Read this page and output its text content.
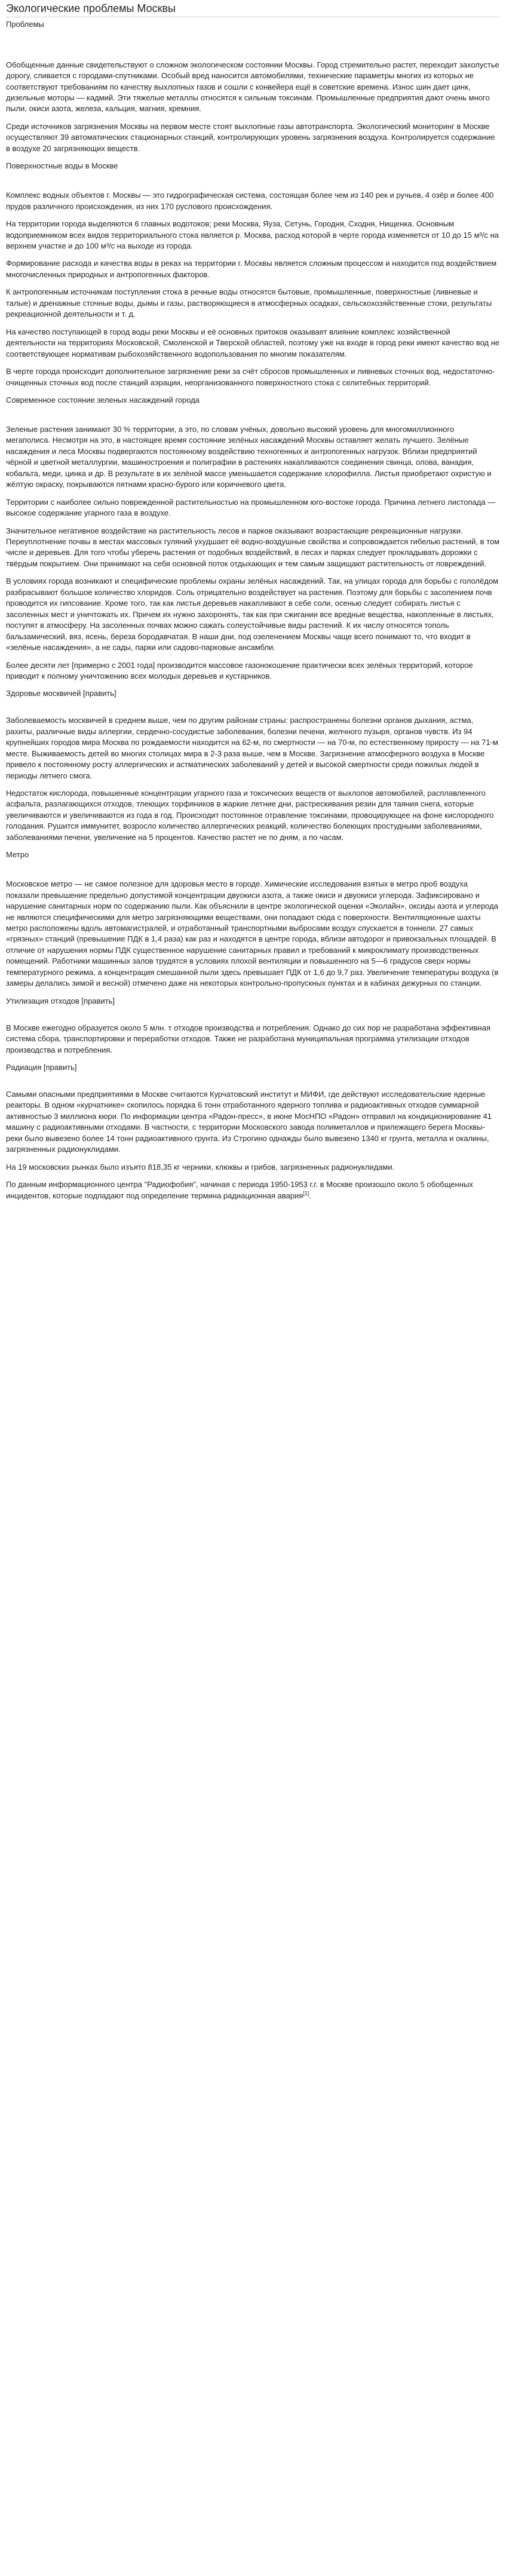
Экологические проблемы Москвы
Проблемы

Обобщенные данные свидетельствуют о сложном экологическом состоянии Москвы. Город стремительно растет, переходит захолустье дорогу, сливается с городами-спутниками. Особый вред наносится автомобилями, технические параметры многих из которых не соответствуют требованиям по качеству выхлопных газов и сошли с конвейера ещё в советские времена. Износ шин дает цинк, дизельные моторы — кадмий. Эти тяжелые металлы относятся к сильным токсинам. Промышленные предприятия дают очень много пыли, окиси азота, железа, кальция, магния, кремния.
Среди источников загрязнения Москвы на первом месте стоят выхлопные газы автотранспорта. Экологический мониторинг в Москве осуществляют 39 автоматических стационарных станций, контролирующих уровень загрязнения воздуха. Контролируется содержание в воздухе 20 загрязняющих веществ.
Поверхностные воды в Москве

Комплекс водных объектов г. Москвы — это гидрографическая система, состоящая более чем из 140 рек и ручьев, 4 озёр и более 400 прудов различного происхождения, из них 170 руслового происхождения.
На территории города выделяются 6 главных водотоков; реки Москва, Яуза, Сетунь, Городня, Сходня, Нищенка. Основным водоприемником всех видов территориального стока является р. Москва, расход которой в черте города изменяется от 10 до 15 м³/с на верхнем участке и до 100 м³/с на выходе из города.
Формирование расхода и качества воды в реках на территории г. Москвы является сложным процессом и находится под воздействием многочисленных природных и антропогенных факторов.
К антропогенным источникам поступления стока в речные воды относятся бытовые, промышленные, поверхностные (ливневые и талые) и дренажные сточные воды, дымы и газы, растворяющиеся в атмосферных осадках, сельскохозяйственные стоки, результаты рекреационной деятельности и т. д.
На качество поступающей в город воды реки Москвы и её основных притоков оказывает влияние комплекс хозяйственной деятельности на территориях Московской, Смоленской и Тверской областей, поэтому уже на входе в город реки имеют качество вод не соответствующее нормативам рыбохозяйственного водопользования по многим показателям.
В черте города происходит дополнительное загрязнение реки за счёт сбросов промышленных и ливневых сточных вод, недостаточно-очищенных сточных вод после станций аэрации, неорганизованного поверхностного стока с селитебных территорий.
Современное состояние зеленых насаждений города

Зеленые растения занимают 30 % территории, а это, по словам учёных, довольно высокий уровень для многомиллионного мегаполиса. Несмотря на это, в настоящее время состояние зелёных насаждений Москвы оставляет желать лучшего. Зелёные насаждения и леса Москвы подвергаются постоянному воздействию техногенных и антропогенных нагрузок. Вблизи предприятий чёрной и цветной металлургии, машиностроения и полиграфии в растениях накапливаются соединения свинца, олова, ванадия, кобальта, меди, цинка и др. В результате в их зелёной массе уменьшается содержание хлорофилла. Листья приобретают охристую и жёлтую окраску, покрываются пятнами красно-бурого или коричневого цвета.
Территории с наиболее сильно поврежденной растительностью на промышленном юго-востоке города. Причина летнего листопада — высокое содержание угарного газа в воздухе.
Значительное негативное воздействие на растительность лесов и парков оказывают возрастающие рекреационные нагрузки. Переуплотнение почвы в местах массовых гуляний ухудшает её водно-воздушные свойства и сопровождается гибелью растений, в том числе и деревьев. Для того чтобы уберечь растения от подобных воздействий, в лесах и парках следует прокладывать дорожки с твёрдым покрытием. Они принимают на себя основной поток отдыхающих и тем самым защищают растительность от повреждений.
В условиях города возникают и специфические проблемы охраны зелёных насаждений. Так, на улицах города для борьбы с гололёдом разбрасывают большое количество хлоридов. Соль отрицательно воздействует на растения. Поэтому для борьбы с засолением почв проводится их гипсование. Кроме того, так как листья деревьев накапливают в себе соли, осенью следует собирать листья с засоленных мест и уничтожать их. Причем их нужно захоронять, так как при сжигании все вредные вещества, накопленные в листьях, поступят в атмосферу. На засоленных почвах можно сажать солеустойчивые виды растений. К их числу относятся тополь бальзамический, вяз, ясень, береза бородавчатая. В наши дни, под озеленением Москвы чаще всего понимают то, что входит в «зелёные насаждения», а не сады, парки или садово-парковые ансамбли.
Более десяти лет [примерно с 2001 года] производится массовое газонокошение практически всех зелёных территорий, которое приводит к полному уничтожению всех молодых деревьев и кустарников.
Здоровье москвичей [править]

Заболеваемость москвичей в среднем выше, чем по другим районам страны: распространены болезни органов дыхания, астма, рахиты, различные виды аллергии, сердечно-сосудистые заболевания, болезни печени, желчного пузыря, органов чувств. Из 94 крупнейших городов мира Москва по рождаемости находится на 62-м, по смертности — на 70-м, по естественному приросту — на 71-м месте. Выживаемость детей во многих столицах мира в 2-3 раза выше, чем в Москве. Загрязнение атмосферного воздуха в Москве привело к постоянному росту аллергических и астматических заболеваний у детей и высокой смертности среди пожилых людей в периоды летнего смога.
Недостаток кислорода, повышенные концентрации угарного газа и токсических веществ от выхлопов автомобилей, расплавленного асфальта, разлагающихся отходов, тлеющих торфяников в жаркие летние дни, растрескивания резин для таяния снега, которые увеличиваются и увеличиваются из года в год. Происходит постоянное отравление токсинами, провоцирующее на фоне кислородного голодания. Рушится иммунитет, возросло количество аллергических реакций, количество болеющих простудными заболеваниями, заболеваниями печени, увеличение на 5 процентов. Качество растет не по дням, а по часам.
Метро

Московское метро — не самое полезное для здоровья место в городе. Химические исследования взятых в метро проб воздуха показали превышение предельно допустимой концентрации двуокиси азота, а также окиси и двуокиси углерода. Зафиксировано и нарушение санитарных норм по содержанию пыли. Как объяснили в центре экологической оценки «Эколайн», оксиды азота и углерода не являются специфическими для метро загрязняющими веществами, они попадают сюда с поверхности. Вентиляционные шахты метро расположены вдоль автомагистралей, и отработанный транспортными выбросами воздух спускается в тоннели. 27 самых «грязных» станций (превышение ПДК в 1,4 раза) как раз и находятся в центре города, вблизи автодорог и привокзальных площадей. В отличие от нарушения нормы ПДК существенное нарушение санитарных правил и требований к микроклимату производственных помещений. Работники машинных залов трудятся в условиях плохой вентиляции и повышенного на 5—6 градусов сверх нормы температурного режима, а концентрация смешанной пыли здесь превышает ПДК от 1,6 до 9,7 раз. Увеличение температуры воздуха (в замеры делались зимой и весной) отмечено даже на некоторых контрольно-пропускных пунктах и в кабинах дежурных по станции.
Утилизация отходов [править]

В Москве ежегодно образуется около 5 млн. т отходов производства и потребления. Однако до сих пор не разработана эффективная система сбора, транспортировки и переработки отходов. Также не разработана муниципальная программа утилизации отходов производства и потребления.
Радиация [править]

Самыми опасными предприятиями в Москве считаются Курчатовский институт и МИФИ, где действуют исследовательские ядерные реакторы. В одном «курчатнике» скопилось порядка 6 тонн отработанного ядерного топлива и радиоактивных отходов суммарной активностью 3 миллиона кюри. По информации центра «Радон-пресс», в июне МосНПО «Радон» отправил на кондиционирование 41 машину с радиоактивными отходами. В частности, с территории Московского завода полиметаллов и прилежащего берега Москвы-реки было вывезено более 14 тонн радиоактивного грунта. Из Строгино однажды было вывезено 1340 кг грунта, металла и окалины, загрязненных радионуклидами.
На 19 московских рынках было изъято 818,35 кг черники, клюквы и грибов, загрязненных радионуклидами.
По данным информационного центра "Радиофобия", начиная с периода 1950-1953 г.г. в Москве произошло около 5 обобщенных инцидентов, которые подпадают под определение термина радиационная авария[1].
